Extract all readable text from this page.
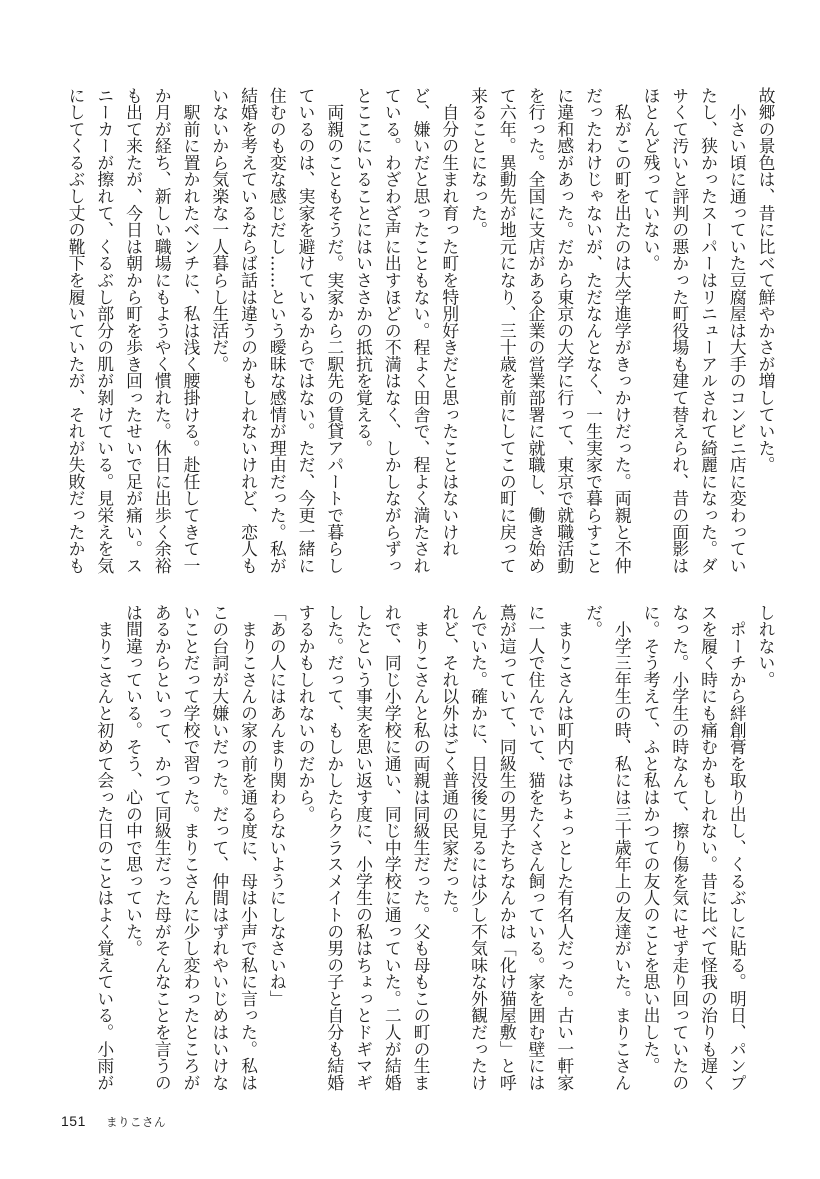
故郷の景色は、昔に比べて鮮やかさが増していた。
　小さい頃に通っていた豆腐屋は大手のコンビニ店に変わってい
たし、狭かったスーパーはリニューアルされて綺麗になった。ダ
サくて汚いと評判の悪かった町役場も建て替えられ、昔の面影は
ほとんど残っていない。
　私がこの町を出たのは大学進学がきっかけだった。両親と不仲
だったわけじゃないが、ただなんとなく、一生実家で暮らすこと
に違和感があった。だから東京の大学に行って、東京で就職活動
を行った。全国に支店がある企業の営業部署に就職し、働き始め
て六年。異動先が地元になり、三十歳を前にしてこの町に戻って
来ることになった。
　自分の生まれ育った町を特別好きだと思ったことはないけれ
ど、嫌いだと思ったこともない。程よく田舎で、程よく満たされ
ている。わざわざ声に出すほどの不満はなく、しかしながらずっ
とここにいることにはいささかの抵抗を覚える。
　両親のこともそうだ。実家から二駅先の賃貸アパートで暮らし
ているのは、実家を避けているからではない。ただ、今更一緒に
住むのも変な感じだし……という曖昧な感情が理由だった。私が
結婚を考えているならば話は違うのかもしれないけれど、恋人も
いないから気楽な一人暮らし生活だ。
　駅前に置かれたベンチに、私は浅く腰掛ける。赴任してきて一
か月が経ち、新しい職場にもようやく慣れた。休日に出歩く余裕
も出て来たが、今日は朝から町を歩き回ったせいで足が痛い。ス
ニーカーが擦れて、くるぶし部分の肌が剝けている。見栄えを気
にしてくるぶし丈の靴下を履いていたが、それが失敗だったかも
しれない。
　ポーチから絆創膏を取り出し、くるぶしに貼る。明日、パンプ
スを履く時にも痛むかもしれない。昔に比べて怪我の治りも遅く
なった。小学生の時なんて、擦り傷を気にせず走り回っていたの
に。そう考えて、ふと私はかつての友人のことを思い出した。
　小学三年生の時、私には三十歳年上の友達がいた。まりこさん
だ。
　まりこさんは町内ではちょっとした有名人だった。古い一軒家
に一人で住んでいて、猫をたくさん飼っている。家を囲む壁には
蔦が這っていて、同級生の男子たちなんかは「化け猫屋敷」と呼
んでいた。確かに、日没後に見るには少し不気味な外観だったけ
れど、それ以外はごく普通の民家だった。
　まりこさんと私の両親は同級生だった。父も母もこの町の生ま
れで、同じ小学校に通い、同じ中学校に通っていた。二人が結婚
したという事実を思い返す度に、小学生の私はちょっとドギマギ
した。だって、もしかしたらクラスメイトの男の子と自分も結婚
するかもしれないのだから。
「あの人にはあんまり関わらないようにしなさいね」
　まりこさんの家の前を通る度に、母は小声で私に言った。私は
この台詞が大嫌いだった。だって、仲間はずれやいじめはいけな
いことだって学校で習った。まりこさんに少し変わったところが
あるからといって、かつて同級生だった母がそんなことを言うの
は間違っている。そう、心の中で思っていた。
　まりこさんと初めて会った日のことはよく覚えている。小雨が
151 まりこさん
